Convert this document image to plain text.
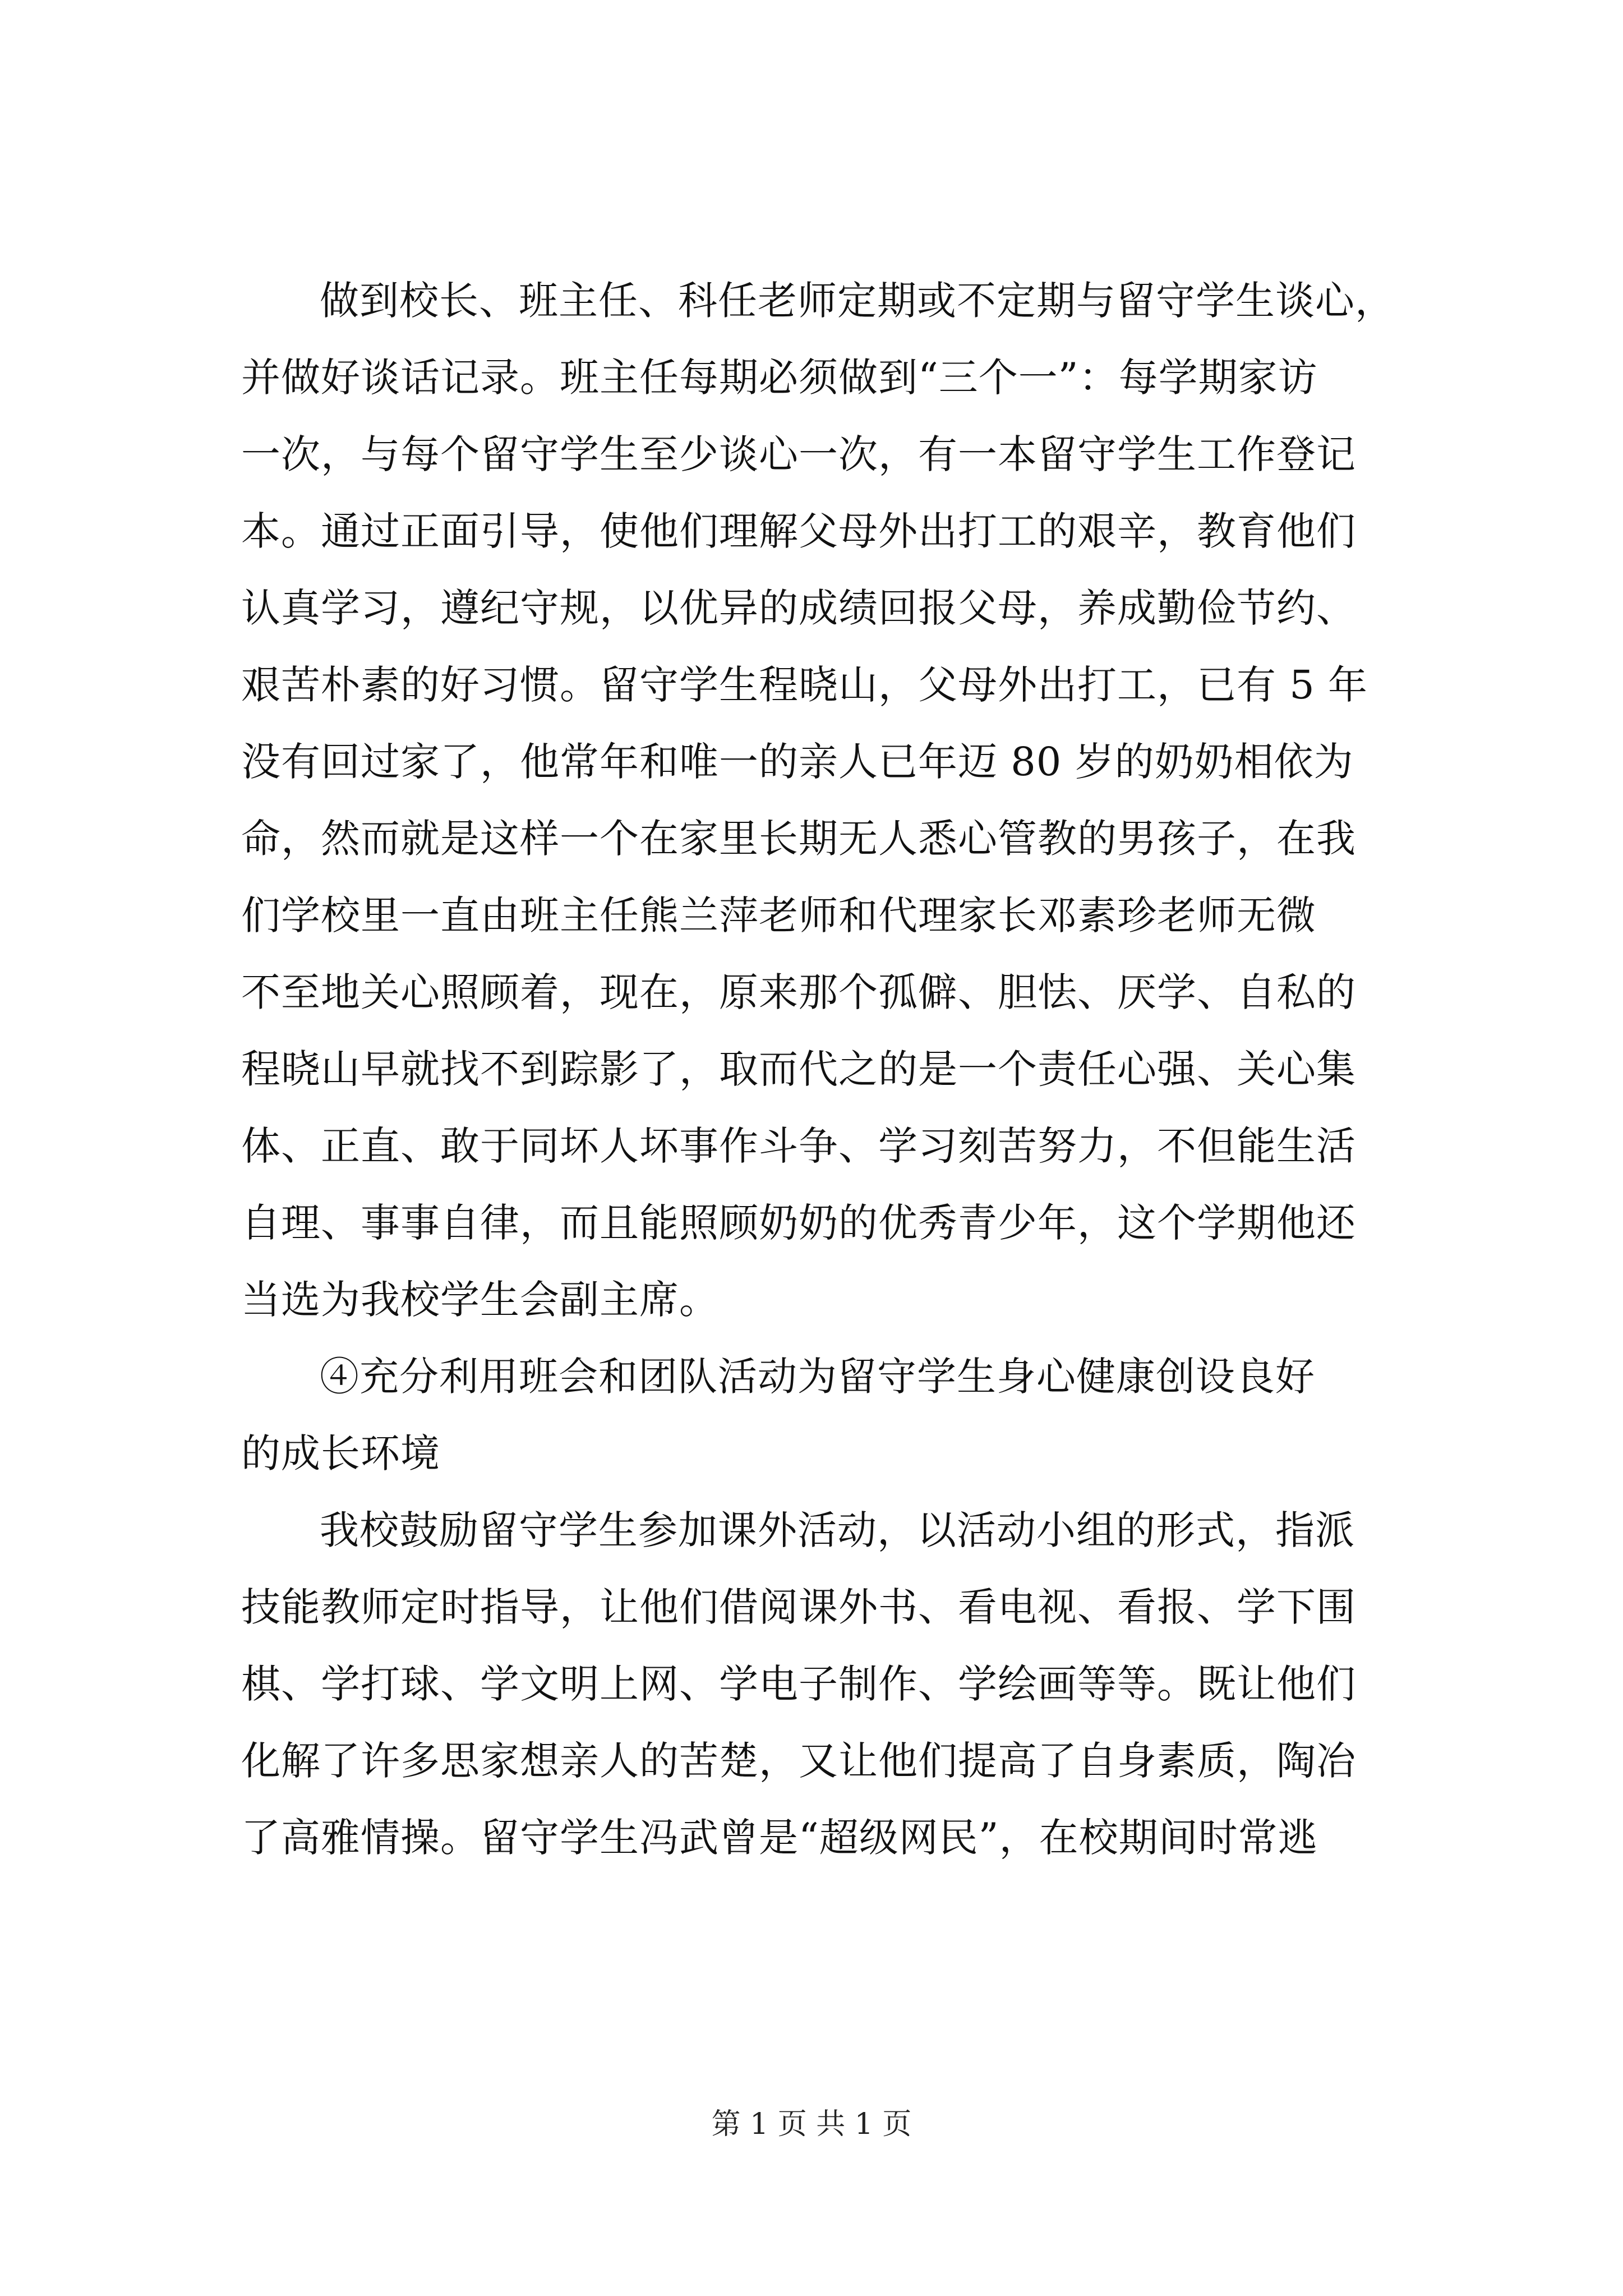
做到校长、班主任、科任老师定期或不定期与留守学生谈心，
并做好谈话记录。班主任每期必须做到“三个一”：每学期家访
一次，与每个留守学生至少谈心一次，有一本留守学生工作登记
本。通过正面引导，使他们理解父母外出打工的艰辛，教育他们
认真学习，遵纪守规，以优异的成绩回报父母，养成勤俭节约、
艰苦朴素的好习惯。留守学生程晓山，父母外出打工，已有 5 年
没有回过家了，他常年和唯一的亲人已年迈 80 岁的奶奶相依为
命，然而就是这样一个在家里长期无人悉心管教的男孩子，在我
们学校里一直由班主任熊兰萍老师和代理家长邓素珍老师无微
不至地关心照顾着，现在，原来那个孤僻、胆怯、厌学、自私的
程晓山早就找不到踪影了，取而代之的是一个责任心强、关心集
体、正直、敢于同坏人坏事作斗争、学习刻苦努力，不但能生活
自理、事事自律，而且能照顾奶奶的优秀青少年，这个学期他还
当选为我校学生会副主席。
④充分利用班会和团队活动为留守学生身心健康创设良好
的成长环境
我校鼓励留守学生参加课外活动，以活动小组的形式，指派
技能教师定时指导，让他们借阅课外书、看电视、看报、学下围
棋、学打球、学文明上网、学电子制作、学绘画等等。既让他们
化解了许多思家想亲人的苦楚，又让他们提高了自身素质，陶冶
了高雅情操。留守学生冯武曾是“超级网民”，在校期间时常逃
第 1 页 共 1 页
